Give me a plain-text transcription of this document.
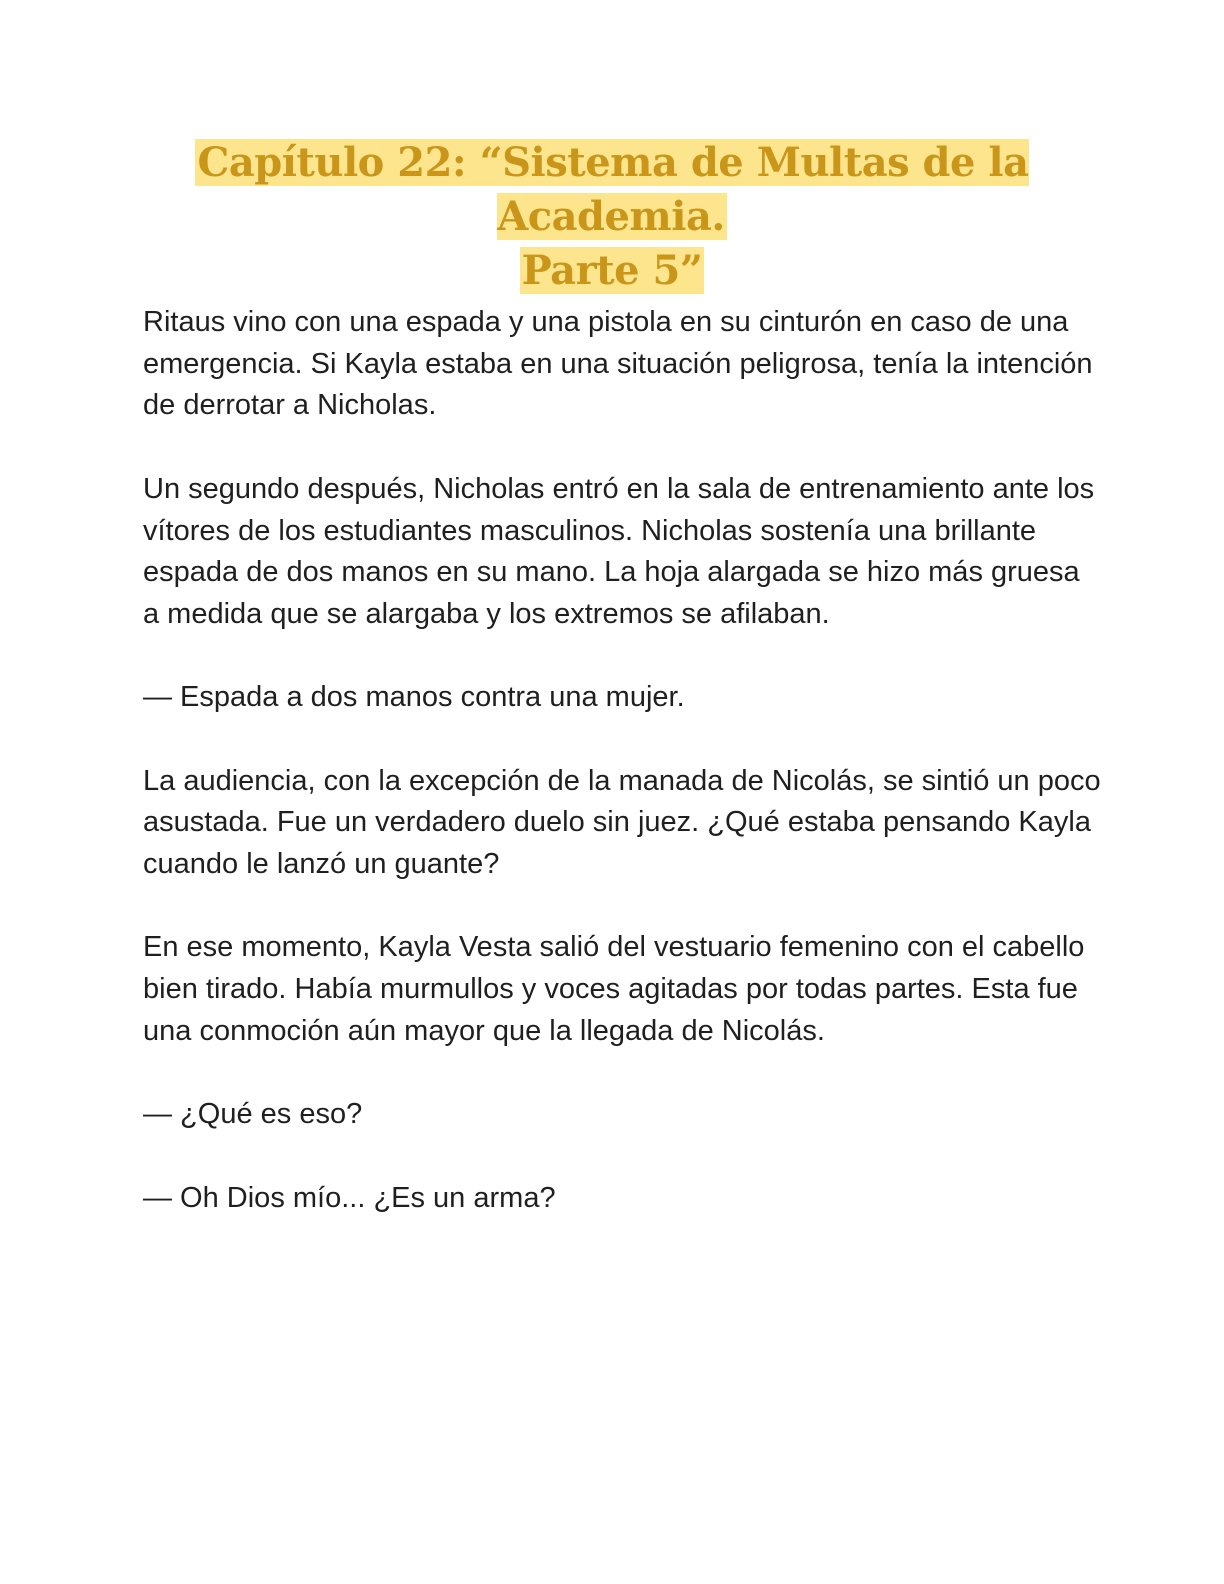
Capítulo 22: “Sistema de Multas de la Academia.
Parte 5”

Ritaus vino con una espada y una pistola en su cinturón en caso de una emergencia. Si Kayla estaba en una situación peligrosa, tenía la intención de derrotar a Nicholas.

Un segundo después, Nicholas entró en la sala de entrenamiento ante los vítores de los estudiantes masculinos. Nicholas sostenía una brillante espada de dos manos en su mano. La hoja alargada se hizo más gruesa a medida que se alargaba y los extremos se afilaban.

— Espada a dos manos contra una mujer.

La audiencia, con la excepción de la manada de Nicolás, se sintió un poco asustada. Fue un verdadero duelo sin juez. ¿Qué estaba pensando Kayla cuando le lanzó un guante?

En ese momento, Kayla Vesta salió del vestuario femenino con el cabello bien tirado. Había murmullos y voces agitadas por todas partes. Esta fue una conmoción aún mayor que la llegada de Nicolás.

— ¿Qué es eso?

— Oh Dios mío... ¿Es un arma?
